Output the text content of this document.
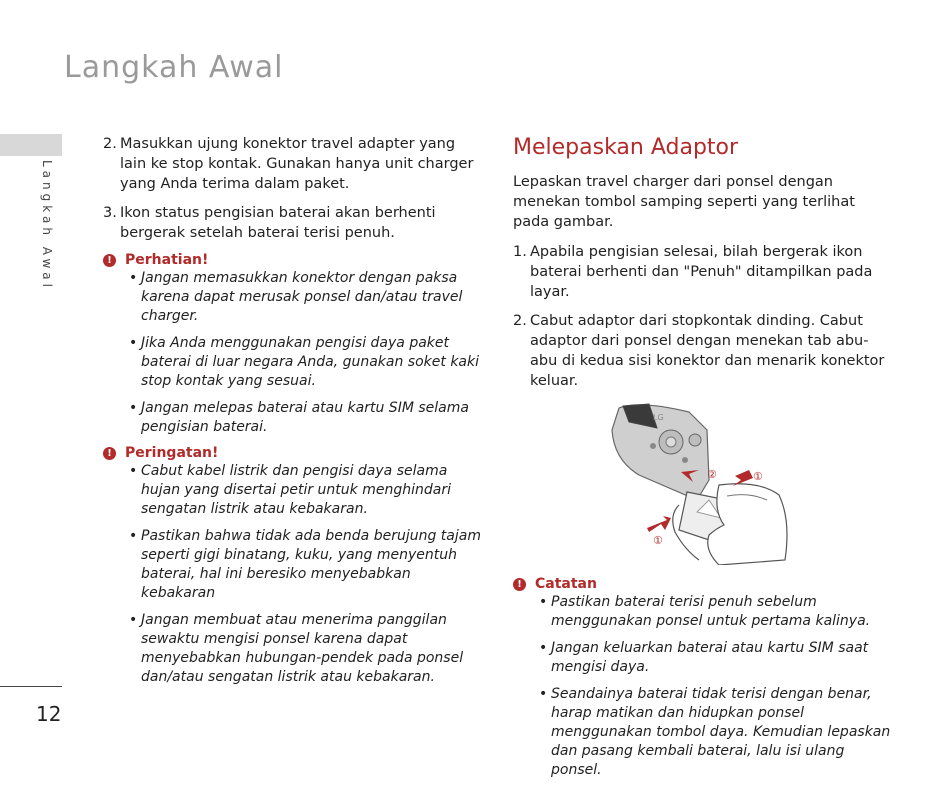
Langkah Awal
Langkah Awal
12
2. Masukkan ujung konektor travel adapter yang lain ke stop kontak. Gunakan hanya unit charger yang Anda terima dalam paket.
3. Ikon status pengisian baterai akan berhenti bergerak setelah baterai terisi penuh.
! Perhatian!
• Jangan memasukkan konektor dengan paksa karena dapat merusak ponsel dan/atau travel charger.
• Jika Anda menggunakan pengisi daya paket baterai di luar negara Anda, gunakan soket kaki stop kontak yang sesuai.
• Jangan melepas baterai atau kartu SIM selama pengisian baterai.
! Peringatan!
• Cabut kabel listrik dan pengisi daya selama hujan yang disertai petir untuk menghindari sengatan listrik atau kebakaran.
• Pastikan bahwa tidak ada benda berujung tajam seperti gigi binatang, kuku, yang menyentuh baterai, hal ini beresiko menyebabkan kebakaran
• Jangan membuat atau menerima panggilan sewaktu mengisi ponsel karena dapat menyebabkan hubungan-pendek pada ponsel dan/atau sengatan listrik atau kebakaran.
Melepaskan Adaptor
Lepaskan travel charger dari ponsel dengan menekan tombol samping seperti yang terlihat pada gambar.
1. Apabila pengisian selesai, bilah bergerak ikon baterai berhenti dan "Penuh" ditampilkan pada layar.
2. Cabut adaptor dari stopkontak dinding. Cabut adaptor dari ponsel dengan menekan tab abu-abu di kedua sisi konektor dan menarik konektor keluar.
LG
②	①
①
! Catatan
• Pastikan baterai terisi penuh sebelum menggunakan ponsel untuk pertama kalinya.
• Jangan keluarkan baterai atau kartu SIM saat mengisi daya.
• Seandainya baterai tidak terisi dengan benar, harap matikan dan hidupkan ponsel menggunakan tombol daya. Kemudian lepaskan dan pasang kembali baterai, lalu isi ulang ponsel.
